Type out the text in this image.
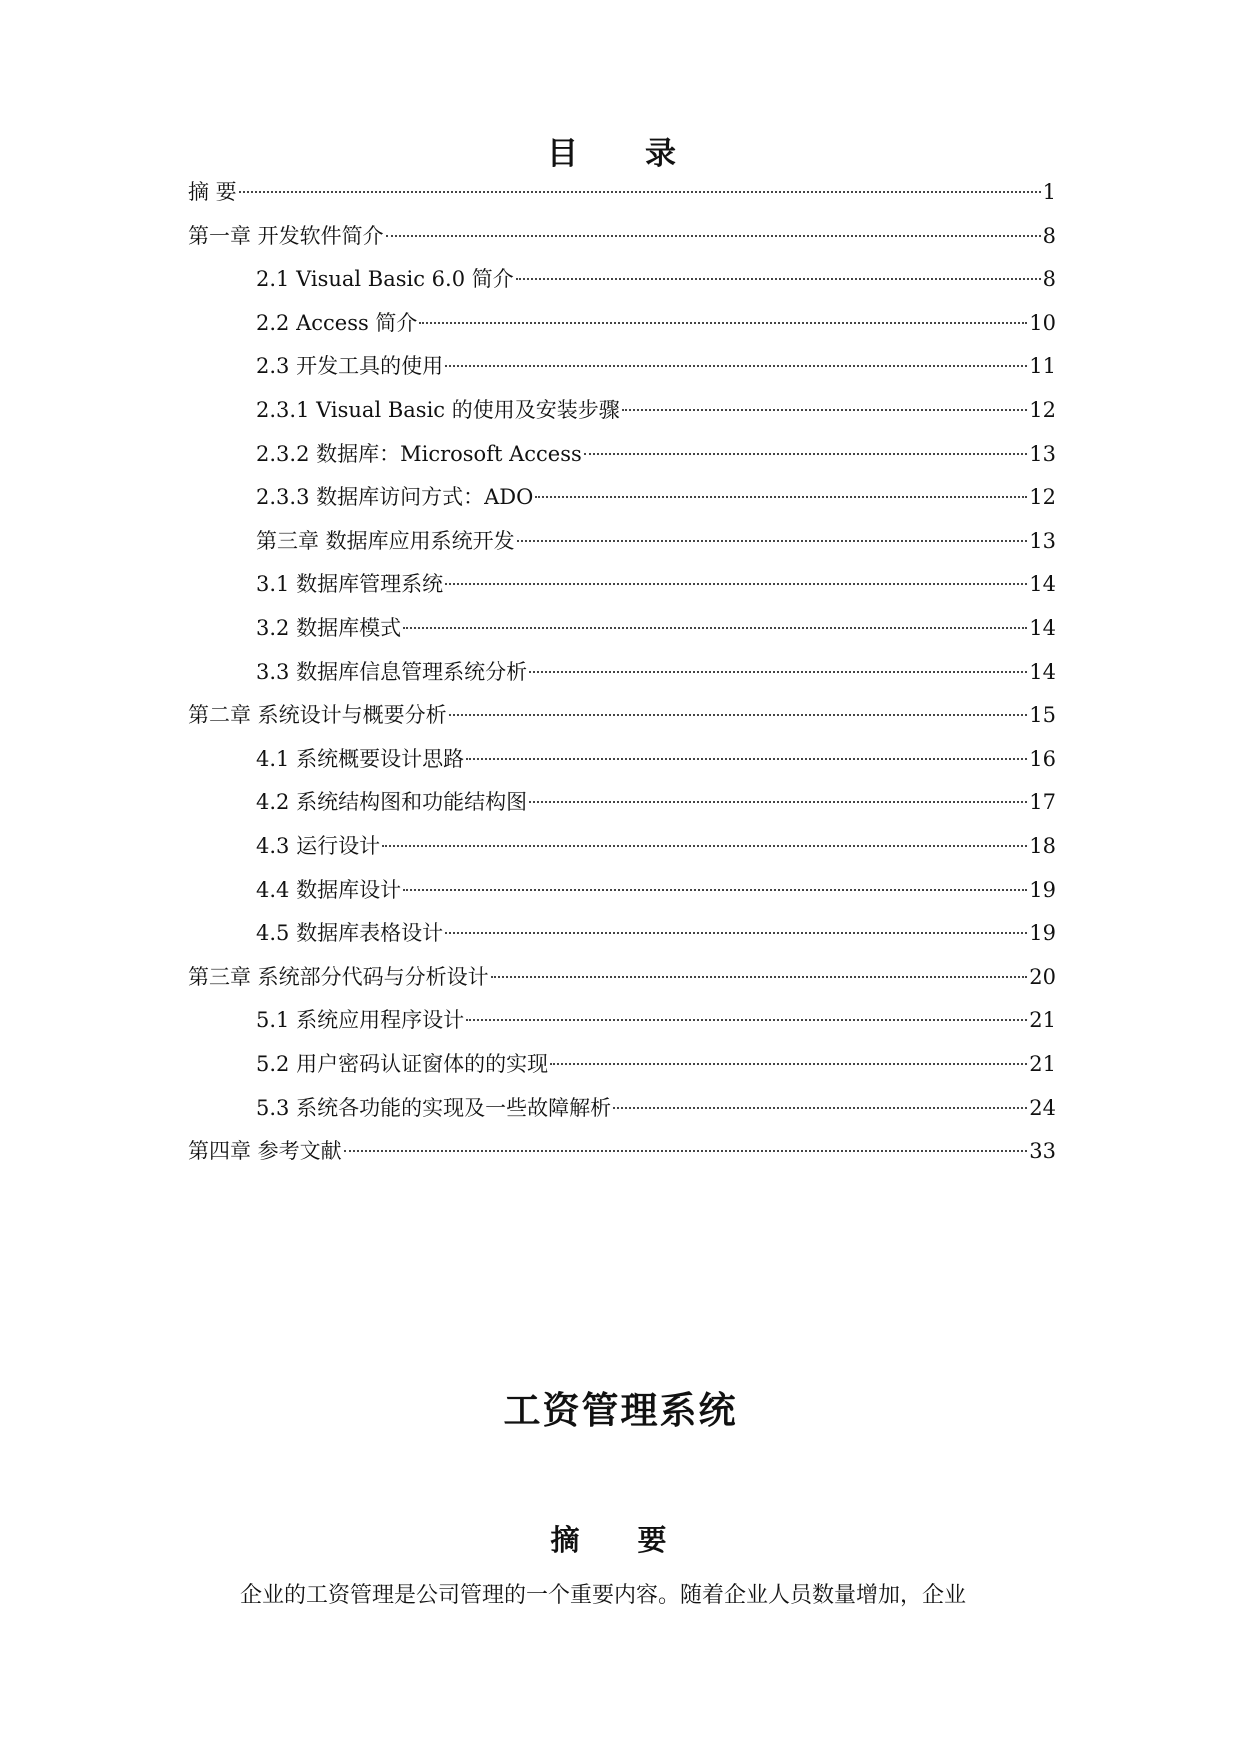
目　录
摘 要	1
第一章 开发软件简介	8
2.1 Visual Basic 6.0 简介	8
2.2 Access 简介	10
2.3 开发工具的使用	11
2.3.1 Visual Basic 的使用及安装步骤	12
2.3.2 数据库：Microsoft Access	13
2.3.3 数据库访问方式：ADO	12
第三章 数据库应用系统开发	13
3.1 数据库管理系统	14
3.2 数据库模式	14
3.3 数据库信息管理系统分析	14
第二章 系统设计与概要分析	15
4.1 系统概要设计思路	16
4.2 系统结构图和功能结构图	17
4.3 运行设计	18
4.4 数据库设计	19
4.5 数据库表格设计	19
第三章 系统部分代码与分析设计	20
5.1 系统应用程序设计	21
5.2 用户密码认证窗体的的实现	21
5.3 系统各功能的实现及一些故障解析	24
第四章 参考文献	33
工资管理系统
摘 要
企业的工资管理是公司管理的一个重要内容。随着企业人员数量增加，企业
